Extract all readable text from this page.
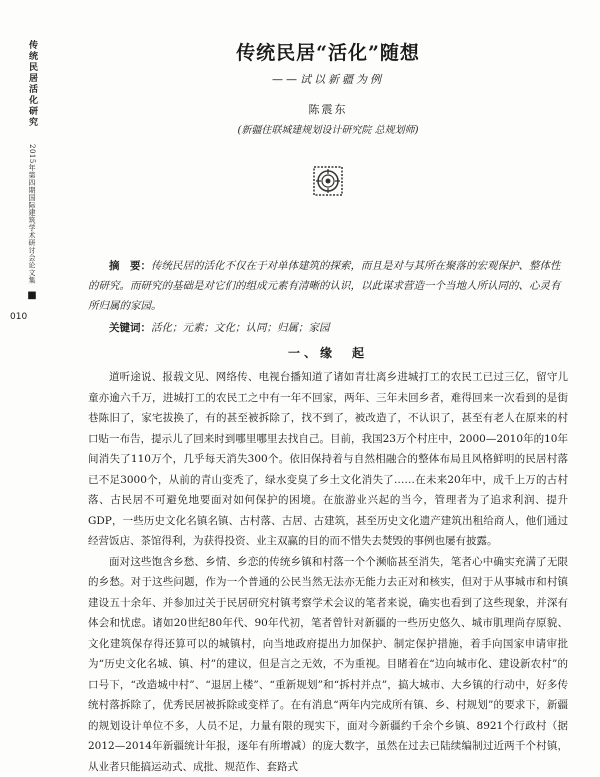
传统民居活化研究
2015年第四期国际建筑学术研讨会论文集
■
010
传统民居“活化”随想
——试以新疆为例
陈震东
(新疆住联城建规划设计研究院 总规划师)
摘　要：传统民居的活化不仅在于对单体建筑的探索，而且是对与其所在聚落的宏观保护、整体性的研究。而研究的基础是对它们的组成元素有清晰的认识，以此谋求营造一个当地人所认同的、心灵有所归属的家园。
关键词：活化；元素；文化；认同；归属；家园
一、缘　起

道听途说、报载文见、网络传、电视台播知道了诸如青壮离乡进城打工的农民工已过三亿，留守儿童亦逾六千万，进城打工的农民工之中有一年不回家，两年、三年未回乡者，难得回来一次看到的是街巷陈旧了，家宅拔换了，有的甚至被拆除了，找不到了，被改造了，不认识了，甚至有老人在原来的村口贴一布告，提示儿了回来时到哪里哪里去找自己。目前，我国23万个村庄中，2000—2010年的10年间消失了110万个，几乎每天消失300个。依旧保持着与自然相融合的整体布局且风格鲜明的民居村落已不足3000个，从前的青山变秃了，绿水变臭了乡土文化消失了……在未来20年中，成千上万的古村落、古民居不可避免地要面对如何保护的困境。在旅游业兴起的当今，管理者为了追求利润、提升GDP，一些历史文化名镇名镇、古村落、古居、古建筑，甚至历史文化遗产建筑出租给商人，他们通过经营饭店、茶馆得利，为获得投资、业主双赢的目的而不惜失去焚毁的事例也屡有披露。

面对这些饱含乡愁、乡情、乡恋的传统乡镇和村落一个个濒临甚至消失，笔者心中确实充满了无限的乡愁。对于这些问题，作为一个普通的公民当然无法亦无能力去正对和核实，但对于从事城市和村镇建设五十余年、并参加过关于民居研究村镇考察学术会议的笔者来说，确实也看到了这些现象，并深有体会和忧虑。诸如20世纪80年代、90年代初，笔者曾针对新疆的一些历史悠久、城市肌理尚存原貌、文化建筑保存得还算可以的城镇村，向当地政府提出力加保护、制定保护措施，着手向国家申请审批为“历史文化名城、镇、村”的建议，但是言之无效，不为重视。目睹着在“边向城市化、建设新农村”的口号下，“改造城中村”、“退居上楼”、“重新规划”和“拆村并点”，搞大城市、大乡镇的行动中，好多传统村落拆除了，优秀民居被拆除或变样了。在有消息“两年内完成所有镇、乡、村规划”的要求下，新疆的规划设计单位不多，人员不足，力量有限的现实下，面对今新疆约千余个乡镇、8921个行政村（据2012—2014年新疆统计年报，逐年有所增减）的庞大数字，虽然在过去已陆续编制过近两千个村镇，从业者只能搞运动式、成批、规范作、套路式
